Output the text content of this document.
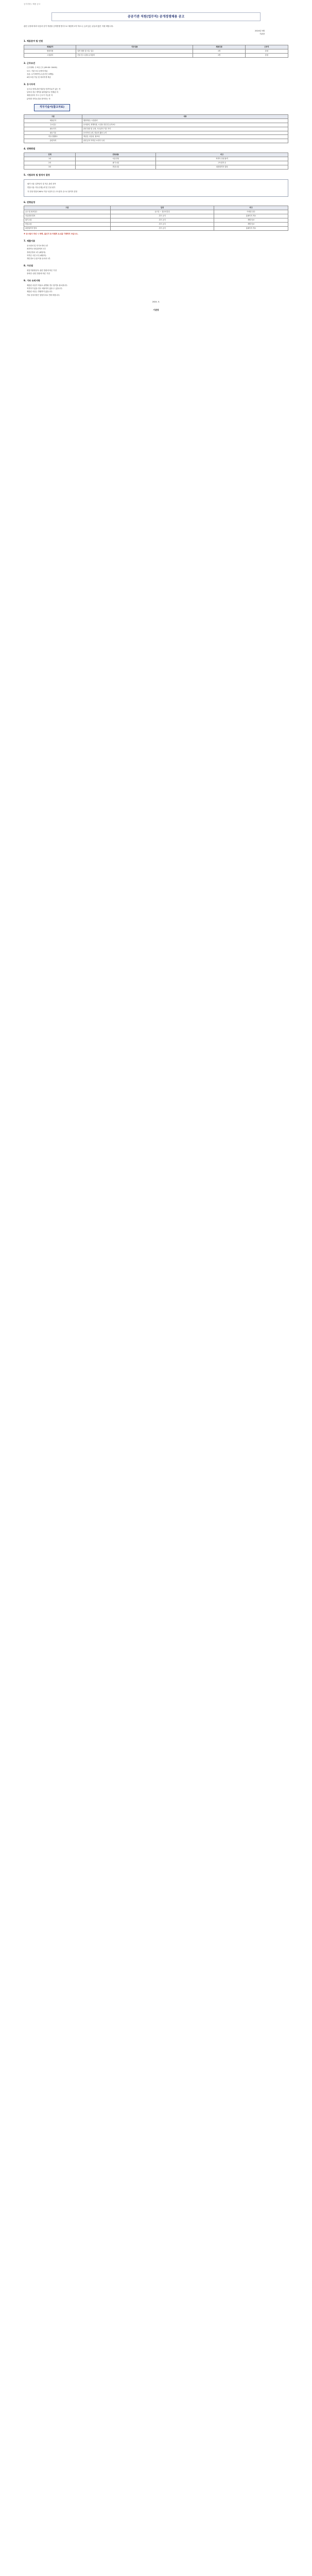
공지사항 / 채용 공고
공공기관 직원(업무직) 공개경쟁채용 공고

관련 규정에 따라 다음과 같이 직원을 공개경쟁 방식으로 채용하고자 하오니, 능력 있는 분들의 많은 지원 바랍니다.

2024년 5월
기관장
1. 채용분야 및 인원
채용분야	직무내용	채용인원	근무지
행정지원	일반 행정 및 서무 업무	1명	본원
시설관리	건물 및 시설물 유지관리	1명	본원
2. 근무조건
근무형태: 주 5일 근무 (09:00~18:00)
보수: 기관 보수규정에 따름
신분: 무기계약직 (수습기간 3개월)
4대 보험 가입 및 복리후생 제공
3. 응시자격
공고일 현재 관련 법령상 결격사유가 없는 자
남자의 경우 병역을 필하였거나 면제된 자
채용일부터 즉시 근무가 가능한 자
분야별 자격요건을 충족하는 자
직무기술서(참고자료)
구분	내용
채용분야	행정지원 / 시설관리
주요업무	문서관리, 회계지원, 시설물 점검 및 유지보수
필요지식	관련 법령 및 규정, 사무관리 기본 지식
필요기술	문서작성 능력, 컴퓨터 활용 능력
직무수행태도	책임감, 성실성, 협조성
관련자격	관련 분야 자격증 소지자 우대
4. 전형방법
단계	전형내용	비고
1차	서류전형	적격자 전원 합격
2차	필기시험	고득점자 순
3차	면접시험	최종합격자 결정
5. 시험과목 및 합격자 결정

필기시험: 일반상식 및 직무 관련 과목

면접시험: 직무수행능력 및 인성 평가

각 전형 만점의 60% 이상 득점자 중 고득점자 순으로 합격자 결정

6. 전형일정
구분	일정	비고
공고 및 원서접수	공고일 ~ 접수마감일	이메일 접수
서류전형 발표	추후 공지	홈페이지 게시
필기시험	추후 공지	개별 통보
면접시험	추후 공지	개별 통보
최종합격자 발표	추후 공지	홈페이지 게시

※ 응시원서 작성 시 학력, 출신지 등 차별적 요소를 기재하지 마십시오.

7. 제출서류
응시원서 및 자기소개서 1부
최종학교 졸업증명서 1부
경력증명서 1부 (해당자)
자격증 사본 1부 (해당자)
개인정보 수집·이용 동의서 1부
8. 가산점
취업지원대상자: 관련 법령에 따른 가점
장애인: 관련 법령에 따른 가점
9. 기타 유의사항
제출된 서류가 허위로 판명될 경우 합격을 취소합니다.
적격자가 없을 경우 채용하지 않을 수 있습니다.
제출된 서류는 반환하지 않습니다.
기타 문의사항은 담당부서로 연락 바랍니다.
2024. 5.
기관장
